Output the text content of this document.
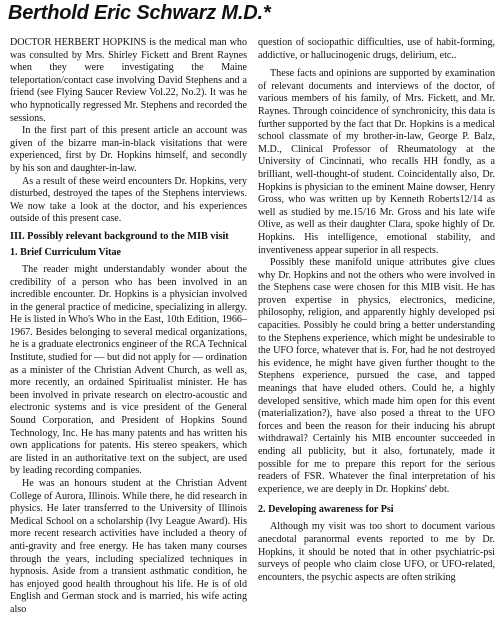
Berthold Eric Schwarz M.D.*

DOCTOR HERBERT HOPKINS is the medical man who was consulted by Mrs. Shirley Fickett and Brent Raynes when they were investigating the Maine teleportation/contact case involving David Stephens and a friend (see Flying Saucer Review Vol.22, No.2). It was he who hypnotically regressed Mr. Stephens and recorded the sessions.

In the first part of this present article an account was given of the bizarre man-in-black visitations that were experienced, first by Dr. Hopkins himself, and secondly by his son and daughter-in-law.

As a result of these weird encounters Dr. Hopkins, very disturbed, destroyed the tapes of the Stephens interviews. We now take a look at the doctor, and his experiences outside of this present case.

III. Possibly relevant background to the MIB visit
1. Brief Curriculum Vitae

The reader might understandably wonder about the credibility of a person who has been involved in an incredible encounter. Dr. Hopkins is a physician involved in the general practice of medicine, specializing in allergy. He is listed in Who's Who in the East, 10th Edition, 1966–1967. Besides belonging to several medical organizations, he is a graduate electronics engineer of the RCA Technical Institute, studied for — but did not apply for — ordination as a minister of the Christian Advent Church, as well as, more recently, an ordained Spiritualist minister. He has been involved in private research on electro-acoustic and electronic systems and is vice president of the General Sound Corporation, and President of Hopkins Sound Technology, Inc. He has many patents and has written his own applications for patents. His stereo speakers, which are listed in an authoritative text on the subject, are used by leading recording companies.

He was an honours student at the Christian Advent College of Aurora, Illinois. While there, he did research in physics. He later transferred to the University of Illinois Medical School on a scholarship (Ivy League Award). His more recent research activities have included a theory of anti-gravity and free energy. He has taken many courses through the years, including specialized techniques in hypnosis. Aside from a transient asthmatic condition, he has enjoyed good health throughout his life. He is of old English and German stock and is married, his wife acting also

question of sociopathic difficulties, use of habit-forming, addictive, or hallucinogenic drugs, delirium, etc..

These facts and opinions are supported by examination of relevant documents and interviews of the doctor, of various members of his family, of Mrs. Fickett, and Mr. Raynes. Through coincidence of synchronicity, this data is further supported by the fact that Dr. Hopkins is a medical school classmate of my brother-in-law, George P. Balz, M.D., Clinical Professor of Rheumatology at the University of Cincinnati, who recalls HH fondly, as a brilliant, well-thought-of student. Coincidentally also, Dr. Hopkins is physician to the eminent Maine dowser, Henry Gross, who was written up by Kenneth Roberts12/14 as well as studied by me.15/16 Mr. Gross and his late wife Olive, as well as their daughter Clara, spoke highly of Dr. Hopkins. His intelligence, emotional stability, and inventiveness appear superior in all respects.

Possibly these manifold unique attributes give clues why Dr. Hopkins and not the others who were involved in the Stephens case were chosen for this MIB visit. He has proven expertise in physics, electronics, medicine, philosophy, religion, and apparently highly developed psi capacities. Possibly he could bring a better understanding to the Stephens experience, which might be undesirable to the UFO force, whatever that is. For, had he not destroyed his evidence, he might have given further thought to the Stephens experience, pursued the case, and tapped meanings that have eluded others. Could he, a highly developed sensitive, which made him open for this event (materialization?), have also posed a threat to the UFO forces and been the reason for their inducing his abrupt withdrawal? Certainly his MIB encounter succeeded in ending all publicity, but it also, fortunately, made it possible for me to prepare this report for the serious readers of FSR. Whatever the final interpretation of his experience, we are deeply in Dr. Hopkins' debt.

2. Developing awareness for Psi

Although my visit was too short to document various anecdotal paranormal events reported to me by Dr. Hopkins, it should be noted that in other psychiatric-psi surveys of people who claim close UFO, or UFO-related, encounters, the psychic aspects are often striking
